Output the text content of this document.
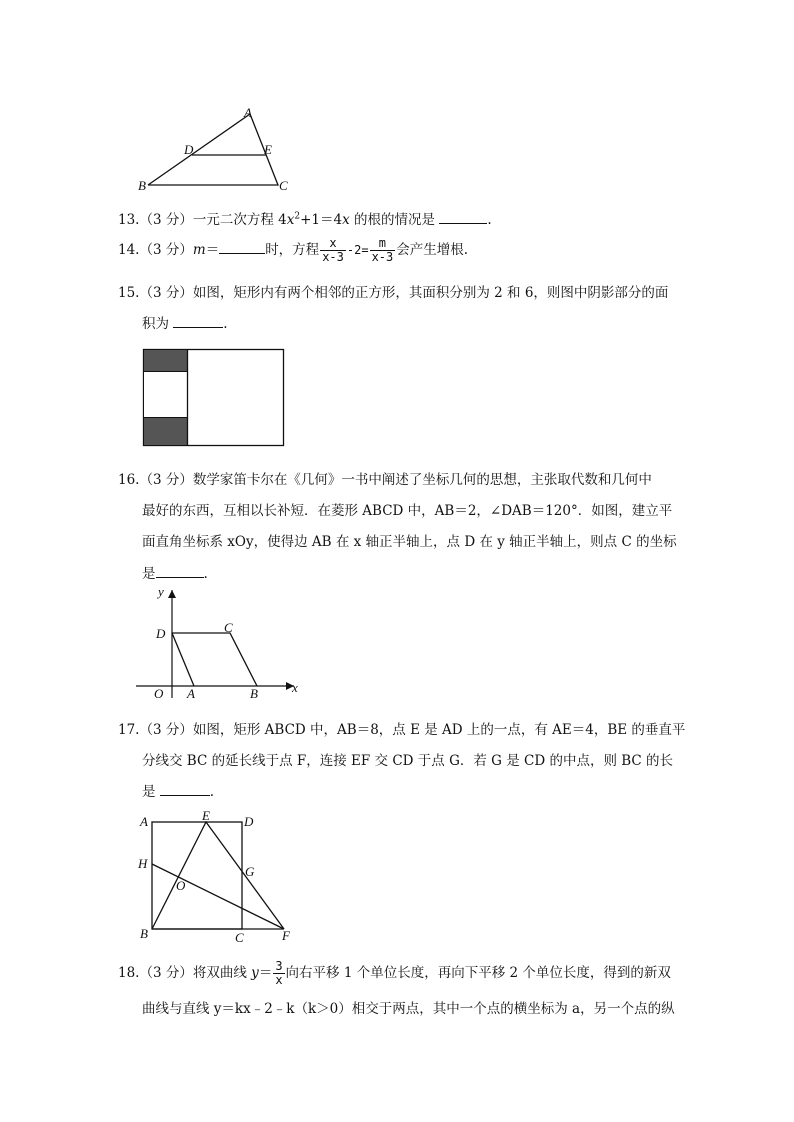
A
D	E
B	C
13.（3 分）一元二次方程 $4x^2+1=4x$ 的根的情况是	.
14.（3 分）m＝	时，方程 $\frac{x}{x-3} -2= \frac{m}{x-3}$ 会产生增根.
15.（3 分）如图，矩形内有两个相邻的正方形，其面积分别为 2 和 6，则图中阴影部分的面
积为	.
16.（3 分）数学家笛卡尔在《几何》一书中阐述了坐标几何的思想，主张取代数和几何中
最好的东西，互相以长补短．在菱形 ABCD 中，AB＝2，∠DAB＝120°．如图，建立平
面直角坐标系 xOy，使得边 AB 在 x 轴正半轴上，点 D 在 y 轴正半轴上，则点 C 的坐标
是	.
y
x
O A	B
C
D
17.（3 分）如图，矩形 ABCD 中，AB＝8，点 E 是 AD 上的一点，有 AE＝4，BE 的垂直平
分线交 BC 的延长线于点 F，连接 EF 交 CD 于点 G．若 G 是 CD 的中点，则 BC 的长
是	.
A	E	D
H
O
G
B	C	F
18.（3 分）将双曲线 $y= \frac{3}{x}$ 向右平移 1 个单位长度，再向下平移 2 个单位长度，得到的新双
曲线与直线 y＝kx﹣2﹣k（k＞0）相交于两点，其中一个点的横坐标为 a，另一个点的纵
